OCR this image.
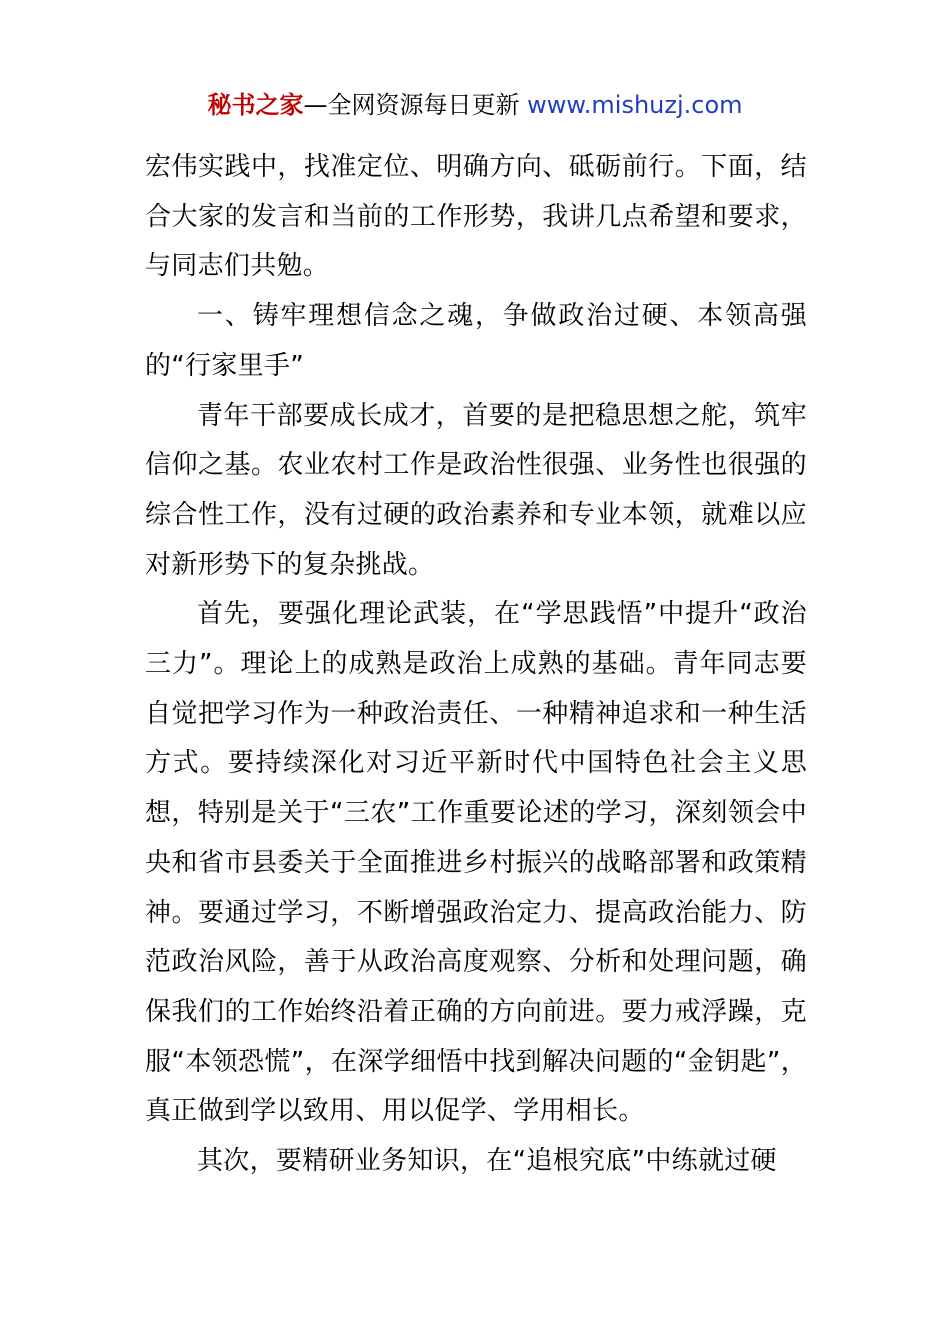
秘书之家—全网资源每日更新 www.mishuzj.com

宏伟实践中，找准定位、明确方向、砥砺前行。下面，结合大家的发言和当前的工作形势，我讲几点希望和要求，与同志们共勉。

一、铸牢理想信念之魂，争做政治过硬、本领高强的“行家里手”

青年干部要成长成才，首要的是把稳思想之舵，筑牢信仰之基。农业农村工作是政治性很强、业务性也很强的综合性工作，没有过硬的政治素养和专业本领，就难以应对新形势下的复杂挑战。

首先，要强化理论武装，在“学思践悟”中提升“政治三力”。理论上的成熟是政治上成熟的基础。青年同志要自觉把学习作为一种政治责任、一种精神追求和一种生活方式。要持续深化对习近平新时代中国特色社会主义思想，特别是关于“三农”工作重要论述的学习，深刻领会中央和省市县委关于全面推进乡村振兴的战略部署和政策精神。要通过学习，不断增强政治定力、提高政治能力、防范政治风险，善于从政治高度观察、分析和处理问题，确保我们的工作始终沿着正确的方向前进。要力戒浮躁，克服“本领恐慌”，在深学细悟中找到解决问题的“金钥匙”，真正做到学以致用、用以促学、学用相长。

其次，要精研业务知识，在“追根究底”中练就过硬
